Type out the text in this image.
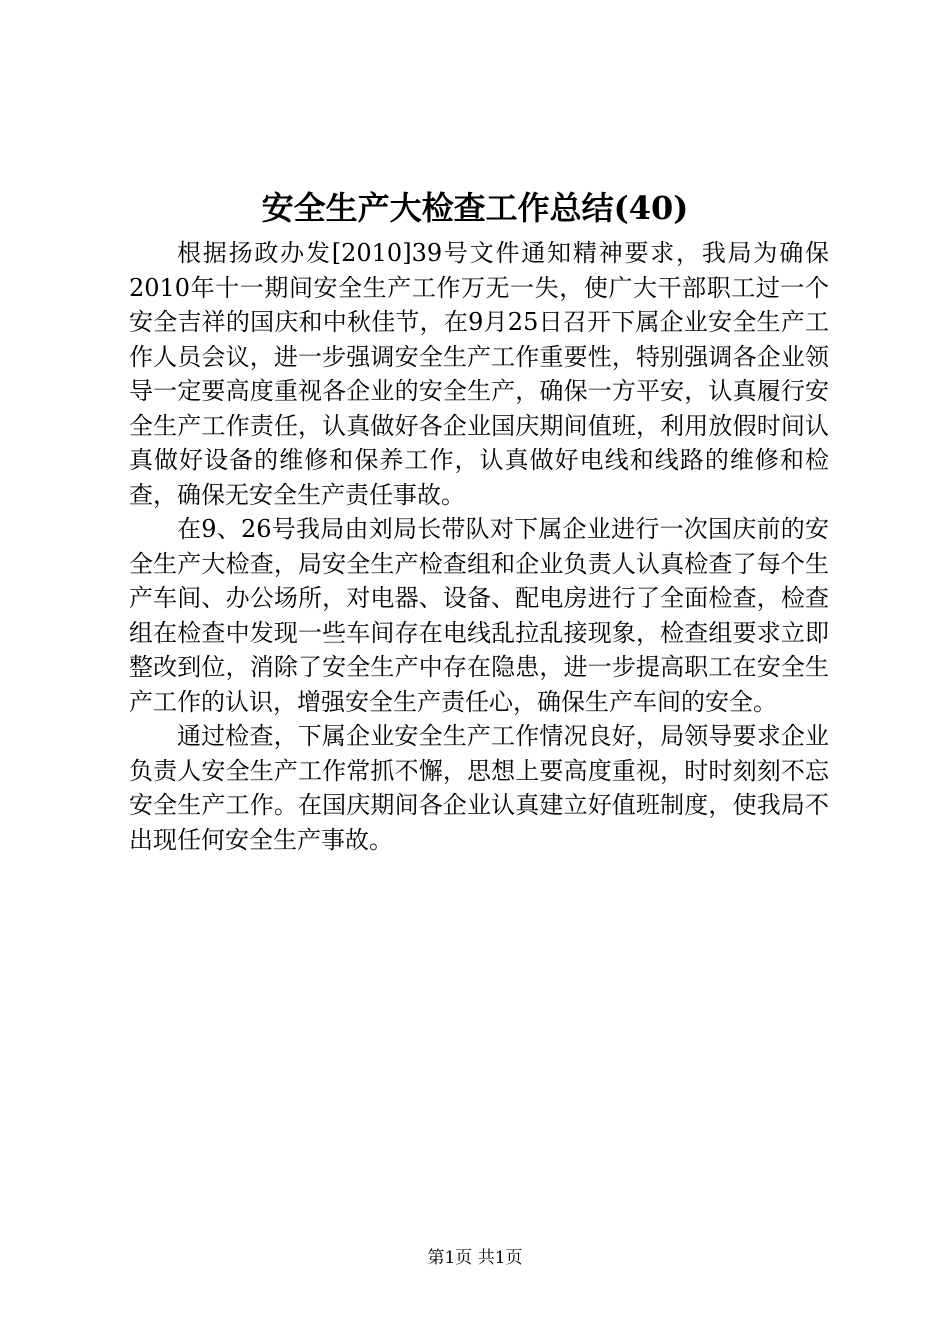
安全生产大检查工作总结(40)

根据扬政办发[2010]39号文件通知精神要求，我局为确保2010年十一期间安全生产工作万无一失，使广大干部职工过一个安全吉祥的国庆和中秋佳节，在9月25日召开下属企业安全生产工作人员会议，进一步强调安全生产工作重要性，特别强调各企业领导一定要高度重视各企业的安全生产，确保一方平安，认真履行安全生产工作责任，认真做好各企业国庆期间值班，利用放假时间认真做好设备的维修和保养工作，认真做好电线和线路的维修和检查，确保无安全生产责任事故。

在9、26号我局由刘局长带队对下属企业进行一次国庆前的安全生产大检查，局安全生产检查组和企业负责人认真检查了每个生产车间、办公场所，对电器、设备、配电房进行了全面检查，检查组在检查中发现一些车间存在电线乱拉乱接现象，检查组要求立即整改到位，消除了安全生产中存在隐患，进一步提高职工在安全生产工作的认识，增强安全生产责任心，确保生产车间的安全。

通过检查，下属企业安全生产工作情况良好，局领导要求企业负责人安全生产工作常抓不懈，思想上要高度重视，时时刻刻不忘安全生产工作。在国庆期间各企业认真建立好值班制度，使我局不出现任何安全生产事故。

第1页 共1页
